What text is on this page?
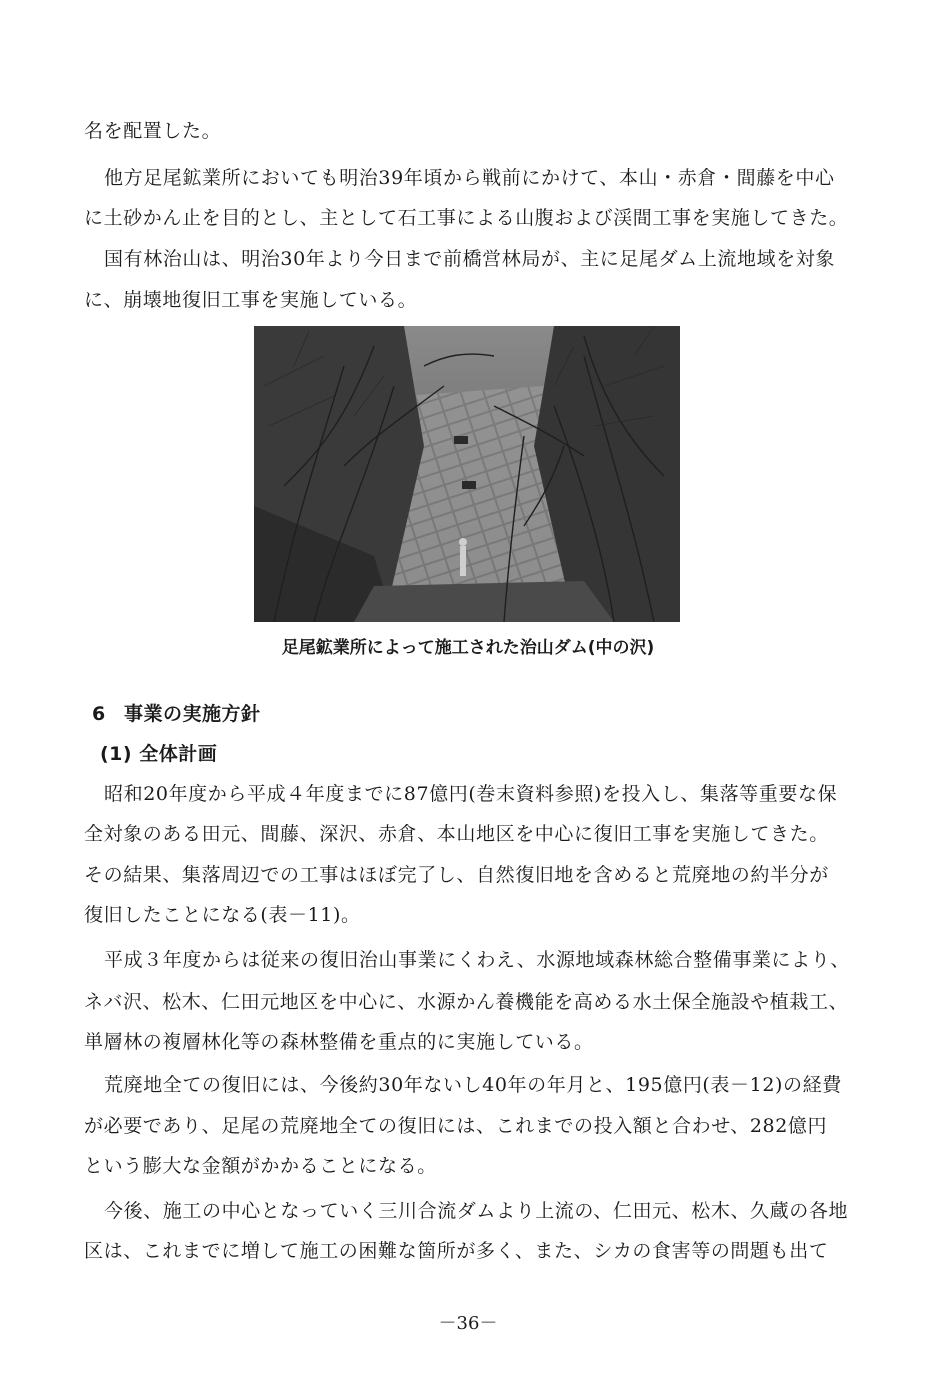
名を配置した。
他方足尾鉱業所においても明治39年頃から戦前にかけて、本山・赤倉・間藤を中心
に土砂かん止を目的とし、主として石工事による山腹および渓間工事を実施してきた。
国有林治山は、明治30年より今日まで前橋営林局が、主に足尾ダム上流地域を対象
に、崩壊地復旧工事を実施している。
足尾鉱業所によって施工された治山ダム(中の沢)
6 事業の実施方針
(1) 全体計画
昭和20年度から平成４年度までに87億円(巻末資料参照)を投入し、集落等重要な保
全対象のある田元、間藤、深沢、赤倉、本山地区を中心に復旧工事を実施してきた。
その結果、集落周辺での工事はほぼ完了し、自然復旧地を含めると荒廃地の約半分が
復旧したことになる(表－11)。
平成３年度からは従来の復旧治山事業にくわえ、水源地域森林総合整備事業により、
ネバ沢、松木、仁田元地区を中心に、水源かん養機能を高める水土保全施設や植栽工、
単層林の複層林化等の森林整備を重点的に実施している。
荒廃地全ての復旧には、今後約30年ないし40年の年月と、195億円(表－12)の経費
が必要であり、足尾の荒廃地全ての復旧には、これまでの投入額と合わせ、282億円
という膨大な金額がかかることになる。
今後、施工の中心となっていく三川合流ダムより上流の、仁田元、松木、久蔵の各地
区は、これまでに増して施工の困難な箇所が多く、また、シカの食害等の問題も出て
－36－
